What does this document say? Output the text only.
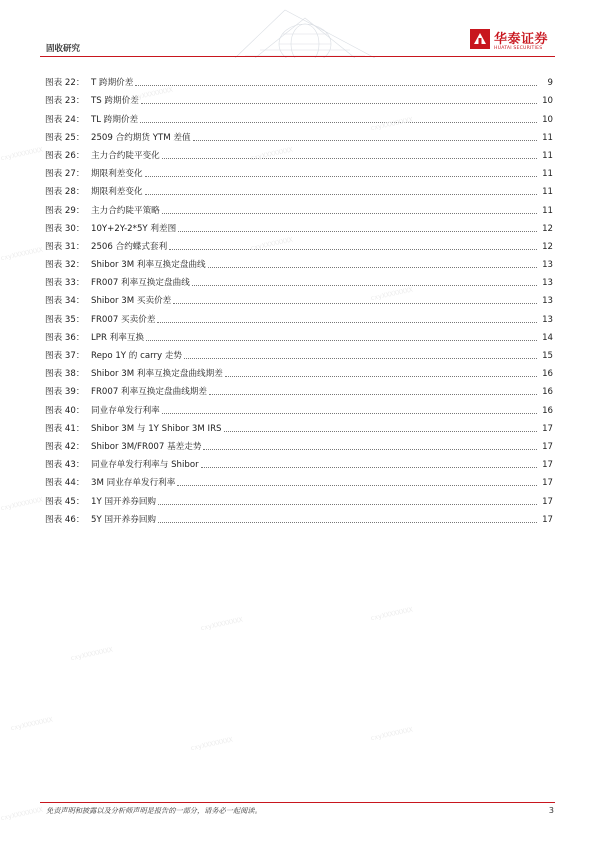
固收研究
华泰证券
HUATAI SECURITIES
图表 22： T 跨期价差	9
图表 23： TS 跨期价差	10
图表 24： TL 跨期价差	10
图表 25： 2509 合约期货 YTM 差值	11
图表 26： 主力合约陡平变化	11
图表 27： 期限利差变化	11
图表 28： 期限利差变化	11
图表 29： 主力合约陡平策略	11
图表 30： 10Y+2Y-2*5Y 利差图	12
图表 31： 2506 合约蝶式套利	12
图表 32： Shibor 3M 利率互换定盘曲线	13
图表 33： FR007 利率互换定盘曲线	13
图表 34： Shibor 3M 买卖价差	13
图表 35： FR007 买卖价差	13
图表 36： LPR 利率互换	14
图表 37： Repo 1Y 的 carry 走势	15
图表 38： Shibor 3M 利率互换定盘曲线期差	16
图表 39： FR007 利率互换定盘曲线期差	16
图表 40： 同业存单发行利率	16
图表 41： Shibor 3M 与 1Y Shibor 3M IRS	17
图表 42： Shibor 3M/FR007 基差走势	17
图表 43： 同业存单发行利率与 Shibor	17
图表 44： 3M 同业存单发行利率	17
图表 45： 1Y 国开养券回购	17
图表 46： 5Y 国开养券回购	17
免责声明和披露以及分析师声明是报告的一部分，请务必一起阅读。	3
cxyXXXXXXXX
cxyXXXXXXXX
cxyXXXXXXXX
cxyXXXXXXXX
cxyXXXXXXXX
cxyXXXXXXXX
cxyXXXXXXXX
cxyXXXXXXXX
cxyXXXXXXXX
cxyXXXXXXXX
cxyXXXXXXXX
cxyXXXXXXXX
cxyXXXXXXXX
cxyXXXXXXXX
cxyXXXXXXXX
